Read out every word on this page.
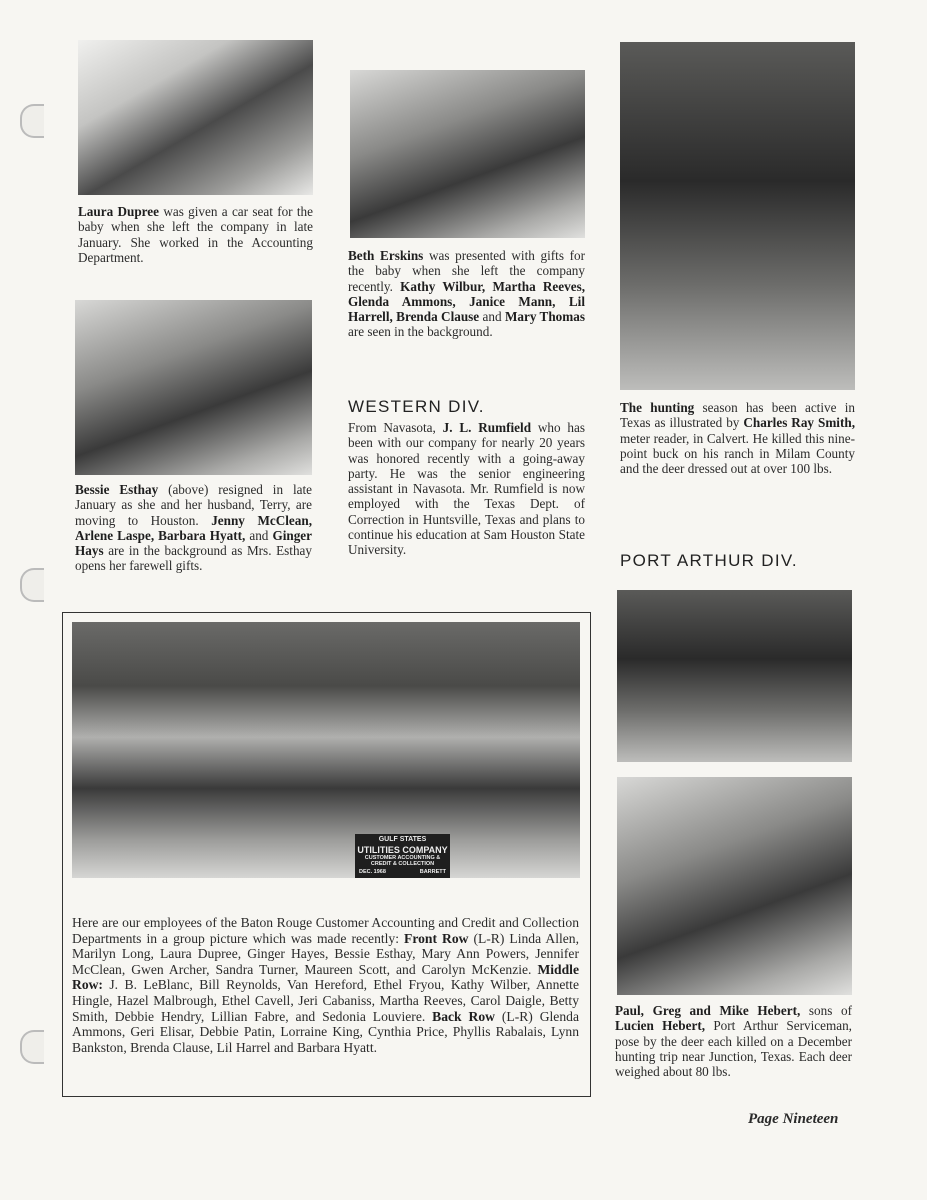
Laura Dupree was given a car seat for the baby when she left the company in late January. She worked in the Accounting Department.
Bessie Esthay (above) resigned in late January as she and her husband, Terry, are moving to Houston. Jenny McClean, Arlene Laspe, Barbara Hyatt, and Ginger Hays are in the background as Mrs. Esthay opens her farewell gifts.
Beth Erskins was presented with gifts for the baby when she left the company recently. Kathy Wilbur, Martha Reeves, Glenda Ammons, Janice Mann, Lil Harrell, Brenda Clause and Mary Thomas are seen in the background.
WESTERN DIV.
From Navasota, J. L. Rumfield who has been with our company for nearly 20 years was honored recently with a going-away party. He was the senior engineering assistant in Navasota. Mr. Rumfield is now employed with the Texas Dept. of Correction in Huntsville, Texas and plans to continue his education at Sam Houston State University.
The hunting season has been active in Texas as illustrated by Charles Ray Smith, meter reader, in Calvert. He killed this nine-point buck on his ranch in Milam County and the deer dressed out at over 100 lbs.
PORT ARTHUR DIV.
Paul, Greg and Mike Hebert, sons of Lucien Hebert, Port Arthur Serviceman, pose by the deer each killed on a December hunting trip near Junction, Texas. Each deer weighed about 80 lbs.
GULF STATES
UTILITIES COMPANY
CUSTOMER ACCOUNTING &
CREDIT & COLLECTION
DEC. 1968	BARRETT
Here are our employees of the Baton Rouge Customer Accounting and Credit and Collection Departments in a group picture which was made recently: Front Row (L-R) Linda Allen, Marilyn Long, Laura Dupree, Ginger Hayes, Bessie Esthay, Mary Ann Powers, Jennifer McClean, Gwen Archer, Sandra Turner, Maureen Scott, and Carolyn McKenzie. Middle Row: J. B. LeBlanc, Bill Reynolds, Van Hereford, Ethel Fryou, Kathy Wilber, Annette Hingle, Hazel Malbrough, Ethel Cavell, Jeri Cabaniss, Martha Reeves, Carol Daigle, Betty Smith, Debbie Hendry, Lillian Fabre, and Sedonia Louviere. Back Row (L-R) Glenda Ammons, Geri Elisar, Debbie Patin, Lorraine King, Cynthia Price, Phyllis Rabalais, Lynn Bankston, Brenda Clause, Lil Harrel and Barbara Hyatt.
Page Nineteen
